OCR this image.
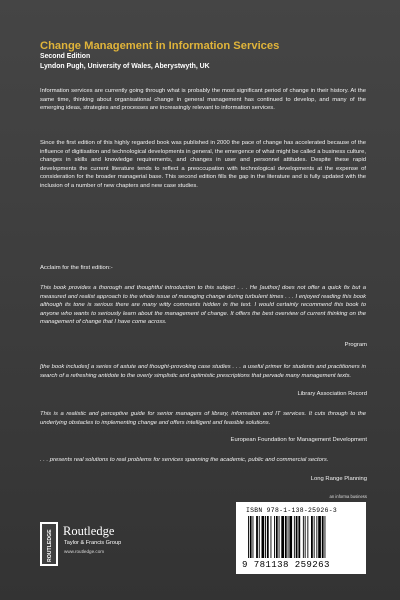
Change Management in Information Services
Second Edition
Lyndon Pugh, University of Wales, Aberystwyth, UK
Information services are currently going through what is probably the most significant period of change in their history. At the same time, thinking about organisational change in general management has continued to develop, and many of the emerging ideas, strategies and processes are increasingly relevant to information services.
Since the first edition of this highly regarded book was published in 2000 the pace of change has accelerated because of the influence of digitisation and technological developments in general, the emergence of what might be called a business culture, changes in skills and knowledge requirements, and changes in user and personnel attitudes. Despite these rapid developments the current literature tends to reflect a preoccupation with technological developments at the expense of consideration for the broader managerial base. This second edition fills the gap in the literature and is fully updated with the inclusion of a number of new chapters and new case studies.
Acclaim for the first edition:-
This book provides a thorough and thoughtful introduction to this subject . . . He [author] does not offer a quick fix but a measured and realist approach to the whole issue of managing change during turbulent times . . . I enjoyed reading this book although its tone is serious there are many witty comments hidden in the text. I would certainly recommend this book to anyone who wants to seriously learn about the management of change. It offers the best overview of current thinking on the management of change that I have come across.
Program
[the book includes] a series of astute and thought-provoking case studies . . . a useful primer for students and practitioners in search of a refreshing antidote to the overly simplistic and optimistic prescriptions that pervade many management texts.
Library Association Record
This is a realistic and perceptive guide for senior managers of library, information and IT services. It cuts through to the underlying obstacles to implementing change and offers intelligent and feasible solutions.
European Foundation for Management Development
. . . presents real solutions to real problems for services spanning the academic, public and commercial sectors.
Long Range Planning
an informa business
ROUTLEDGE Routledge
Taylor & Francis Group
www.routledge.com
ISBN 978-1-138-25926-3
9 781138 259263
